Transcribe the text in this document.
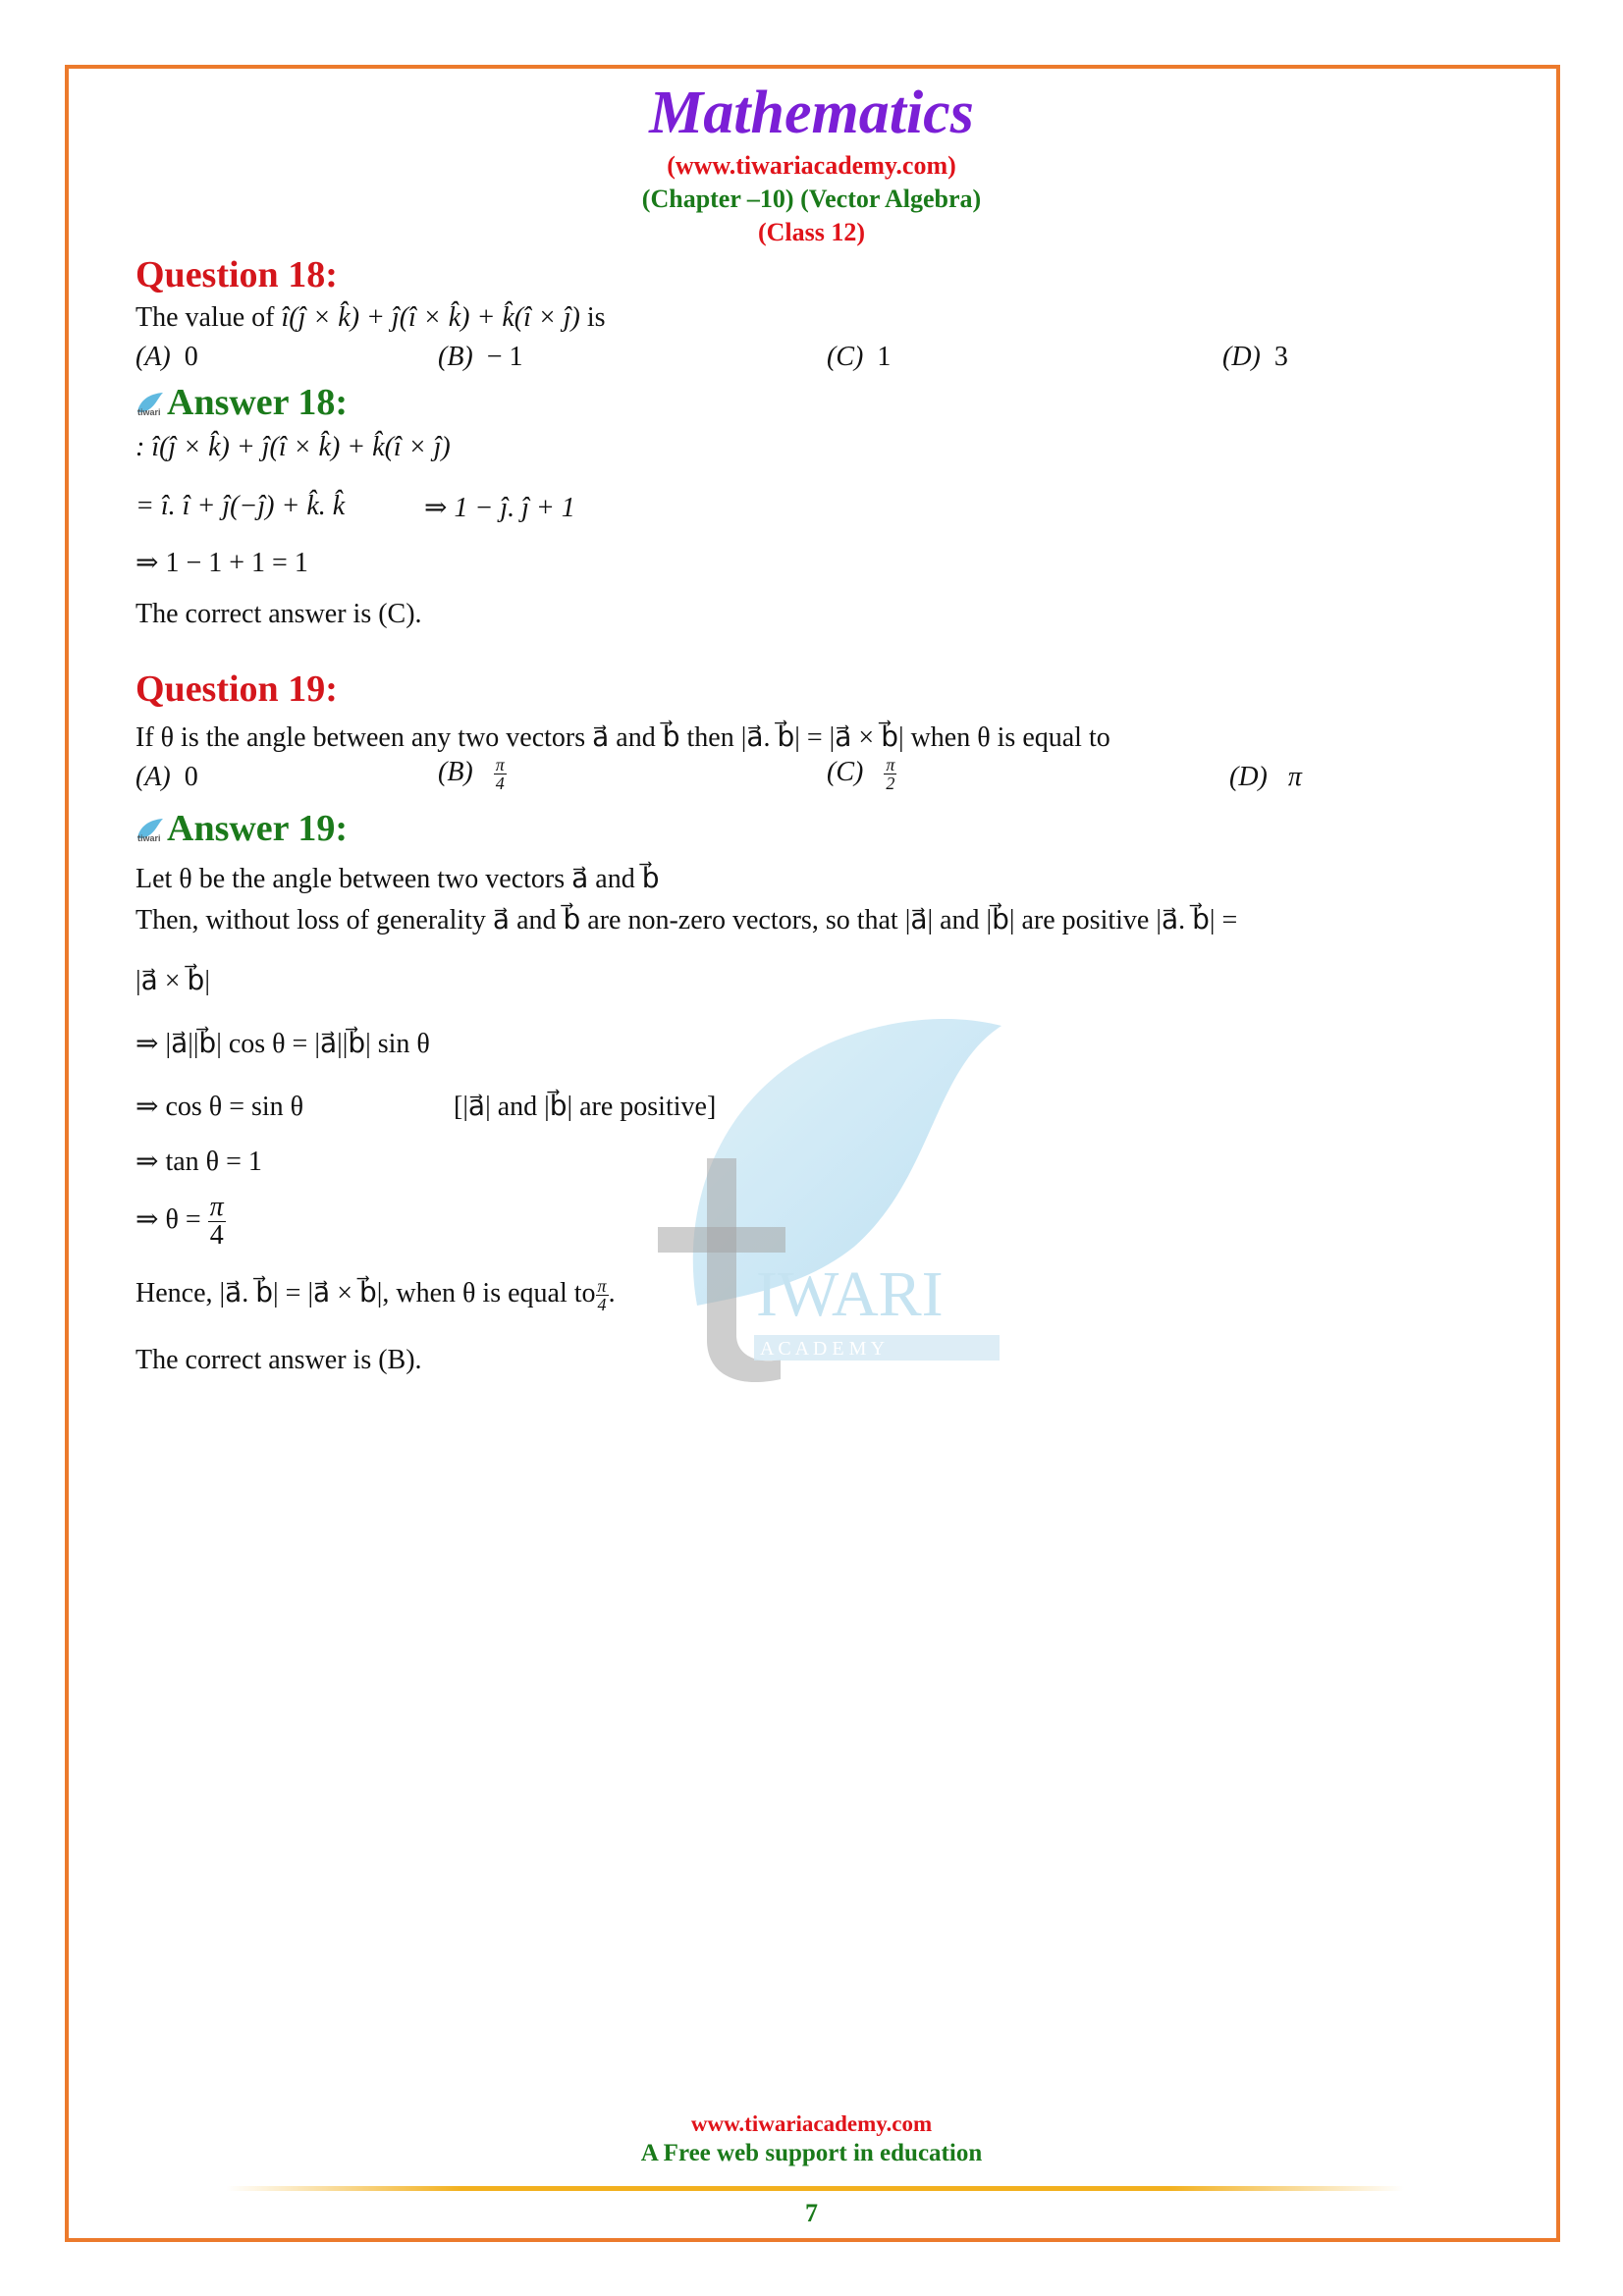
IWARI
A C A D E M Y
Mathematics
(www.tiwariacademy.com)
(Chapter –10) (Vector Algebra)
(Class 12)
Question 18:
The value of î(ĵ × k̂) + ĵ(î × k̂) + k̂(î × ĵ) is
(A) 0	(B) − 1	(C) 1	(D) 3
tiwari Answer 18:
: î(ĵ × k̂) + ĵ(î × k̂) + k̂(î × ĵ)
= î. î + ĵ(−ĵ) + k̂. k̂	⇒ 1 − ĵ. ĵ + 1
⇒ 1 − 1 + 1 = 1
The correct answer is (C).
Question 19:
If θ is the angle between any two vectors a⃗ and b⃗ then |a⃗. b⃗| = |a⃗ × b⃗| when θ is equal to
(A) 0	$(B) \frac{\pi}{4}$	$(C) \frac{\pi}{2}$	(D) π
tiwari Answer 19:
Let θ be the angle between two vectors a⃗ and b⃗
Then, without loss of generality a⃗ and b⃗ are non-zero vectors, so that |a⃗| and |b⃗| are positive |a⃗. b⃗| =
|a⃗ × b⃗|
⇒ |a⃗||b⃗| cos θ = |a⃗||b⃗| sin θ
⇒ cos θ = sin θ	[|a⃗| and |b⃗| are positive]
⇒ tan θ = 1
⇒ $\theta = \frac{\pi}{4}$
Hence, |a⃗. b⃗| = |a⃗ × b⃗|, when θ is equal to $\frac{\pi}{4}$ .
The correct answer is (B).
www.tiwariacademy.com
A Free web support in education
7
